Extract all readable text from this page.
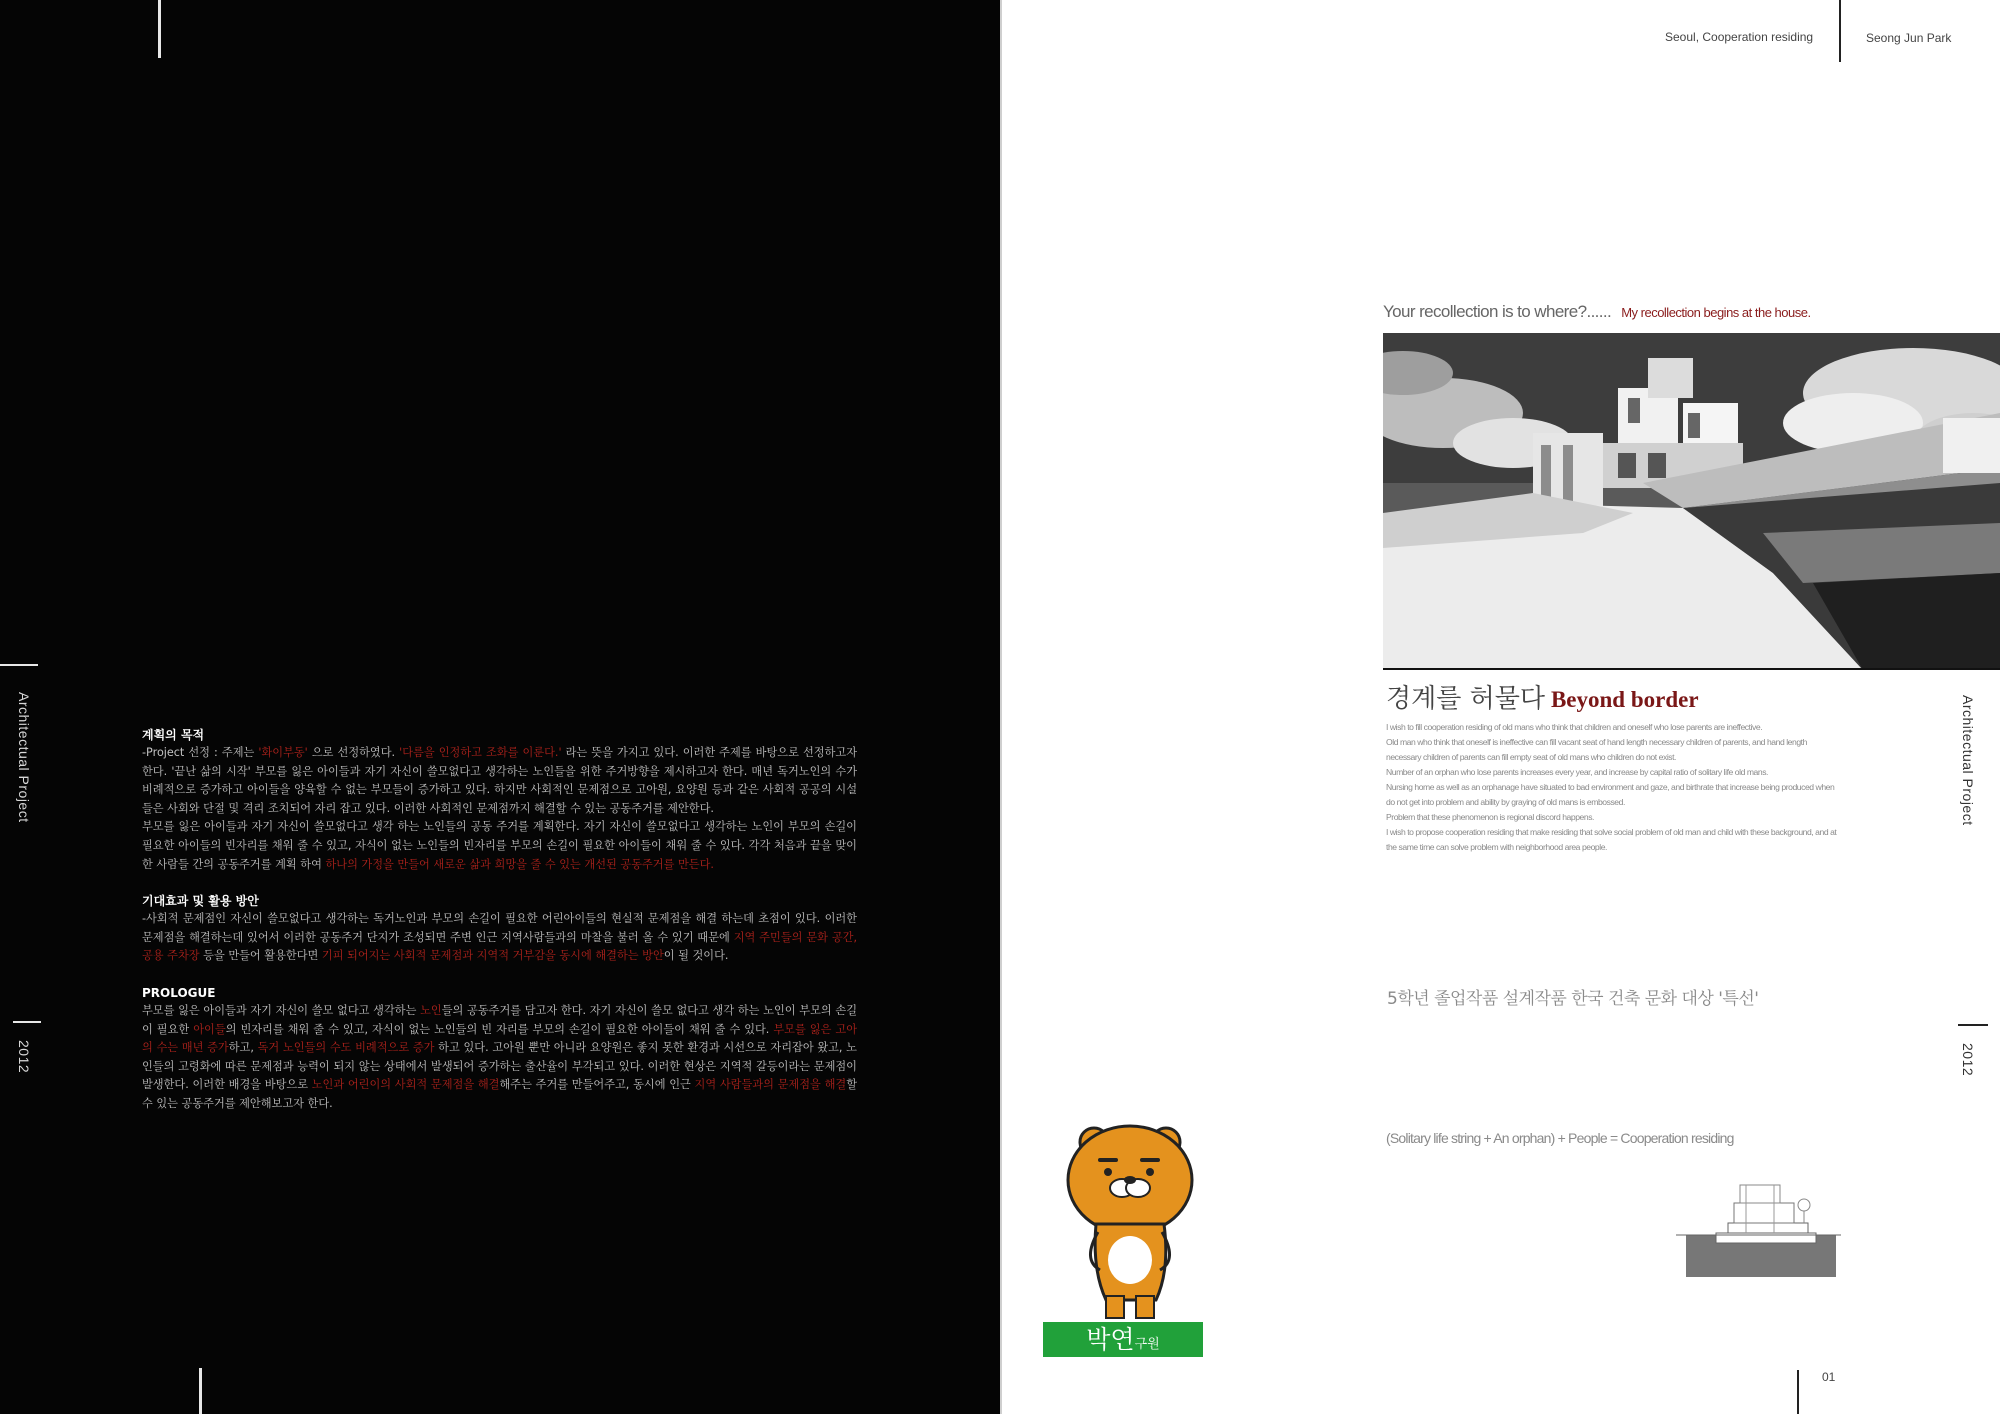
Architectual Project
2012
계획의 목적

-Project 선정 : 주제는 '화이부동' 으로 선정하였다. '다름을 인정하고 조화를 이룬다.' 라는 뜻을 가지고 있다. 이러한 주제를 바탕으로 선정하고자 한다. '끝난 삶의 시작' 부모를 잃은 아이들과 자기 자신이 쓸모없다고 생각하는 노인들을 위한 주거방향을 제시하고자 한다. 매년 독거노인의 수가 비례적으로 증가하고 아이들을 양육할 수 없는 부모들이 증가하고 있다. 하지만 사회적인 문제점으로 고아원, 요양원 등과 같은 사회적 공공의 시설들은 사회와 단절 및 격리 조치되어 자리 잡고 있다. 이러한 사회적인 문제점까지 해결할 수 있는 공동주거를 제안한다.

부모를 잃은 아이들과 자기 자신이 쓸모없다고 생각 하는 노인들의 공동 주거를 계획한다. 자기 자신이 쓸모없다고 생각하는 노인이 부모의 손길이 필요한 아이들의 빈자리를 채워 줄 수 있고, 자식이 없는 노인들의 빈자리를 부모의 손길이 필요한 아이들이 채워 줄 수 있다. 각각 처음과 끝을 맞이한 사람들 간의 공동주거를 계획 하여 하나의 가정을 만들어 새로운 삶과 희망을 줄 수 있는 개선된 공동주거를 만든다.

기대효과 및 활용 방안

-사회적 문제점인 자신이 쓸모없다고 생각하는 독거노인과 부모의 손길이 필요한 어린아이들의 현실적 문제점을 해결 하는데 초점이 있다. 이러한 문제점을 해결하는데 있어서 이러한 공동주거 단지가 조성되면 주변 인근 지역사람들과의 마찰을 불러 올 수 있기 때문에 지역 주민들의 문화 공간, 공용 주차장 등을 만들어 활용한다면 기피 되어지는 사회적 문제점과 지역적 거부감을 동시에 해결하는 방안이 될 것이다.

PROLOGUE

부모를 잃은 아이들과 자기 자신이 쓸모 없다고 생각하는 노인들의 공동주거를 담고자 한다. 자기 자신이 쓸모 없다고 생각 하는 노인이 부모의 손길이 필요한 아이들의 빈자리를 채워 줄 수 있고, 자식이 없는 노인들의 빈 자리를 부모의 손길이 필요한 아이들이 채워 줄 수 있다. 부모를 잃은 고아의 수는 매년 증가하고, 독거 노인들의 수도 비례적으로 증가 하고 있다. 고아원 뿐만 아니라 요양원은 좋지 못한 환경과 시선으로 자리잡아 왔고, 노인들의 고령화에 따른 문제점과 능력이 되지 않는 상태에서 발생되어 증가하는 출산율이 부각되고 있다. 이러한 현상은 지역적 갈등이라는 문제점이 발생한다. 이러한 배경을 바탕으로 노인과 어린이의 사회적 문제점을 해결해주는 주거를 만들어주고, 동시에 인근 지역 사람들과의 문제점을 해결할 수 있는 공동주거를 제안해보고자 한다.

Seoul, Cooperation residing	Seong Jun Park
Your recollection is to where?...... My recollection begins at the house.
경계를 허물다 Beyond border

I wish to fill cooperation residing of old mans who think that children and oneself who lose parents are ineffective.

Old man who think that oneself is ineffective can fill vacant seat of hand length necessary children of parents, and hand length necessary children of parents can fill empty seat of old mans who children do not exist.

Number of an orphan who lose parents increases every year, and increase by capital ratio of solitary life old mans.

Nursing home as well as an orphanage have situated to bad environment and gaze, and birthrate that increase being produced when do not get into problem and ability by graying of old mans is embossed.

Problem that these phenomenon is regional discord happens.

I wish to propose cooperation residing that make residing that solve social problem of old man and child with these background, and at the same time can solve problem with neighborhood area people.

5학년 졸업작품 설계작품 한국 건축 문화 대상 '특선'
Architectual Project
2012
(Solitary life string + An orphan) + People = Cooperation residing
박연구원
01
